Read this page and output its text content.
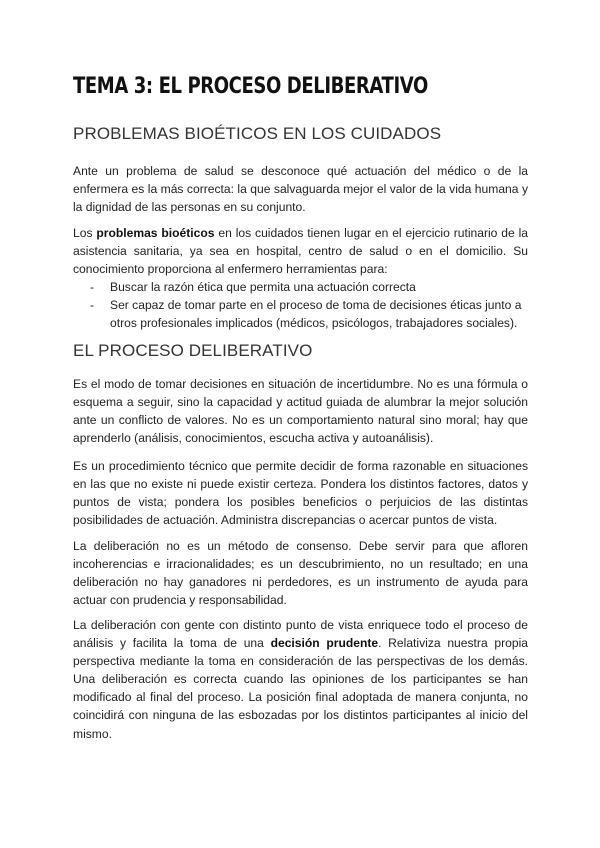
TEMA 3: EL PROCESO DELIBERATIVO
PROBLEMAS BIOÉTICOS EN LOS CUIDADOS

Ante un problema de salud se desconoce qué actuación del médico o de la enfermera es la más correcta: la que salvaguarda mejor el valor de la vida humana y la dignidad de las personas en su conjunto.

Los problemas bioéticos en los cuidados tienen lugar en el ejercicio rutinario de la asistencia sanitaria, ya sea en hospital, centro de salud o en el domicilio. Su conocimiento proporciona al enfermero herramientas para:

- Buscar la razón ética que permita una actuación correcta
- Ser capaz de tomar parte en el proceso de toma de decisiones éticas junto a otros profesionales implicados (médicos, psicólogos, trabajadores sociales).
EL PROCESO DELIBERATIVO

Es el modo de tomar decisiones en situación de incertidumbre. No es una fórmula o esquema a seguir, sino la capacidad y actitud guiada de alumbrar la mejor solución ante un conflicto de valores. No es un comportamiento natural sino moral; hay que aprenderlo (análisis, conocimientos, escucha activa y autoanálisis).

Es un procedimiento técnico que permite decidir de forma razonable en situaciones en las que no existe ni puede existir certeza. Pondera los distintos factores, datos y puntos de vista; pondera los posibles beneficios o perjuicios de las distintas posibilidades de actuación. Administra discrepancias o acercar puntos de vista.

La deliberación no es un método de consenso. Debe servir para que afloren incoherencias e irracionalidades; es un descubrimiento, no un resultado; en una deliberación no hay ganadores ni perdedores, es un instrumento de ayuda para actuar con prudencia y responsabilidad.

La deliberación con gente con distinto punto de vista enriquece todo el proceso de análisis y facilita la toma de una decisión prudente. Relativiza nuestra propia perspectiva mediante la toma en consideración de las perspectivas de los demás. Una deliberación es correcta cuando las opiniones de los participantes se han modificado al final del proceso. La posición final adoptada de manera conjunta, no coincidirá con ninguna de las esbozadas por los distintos participantes al inicio del mismo.
